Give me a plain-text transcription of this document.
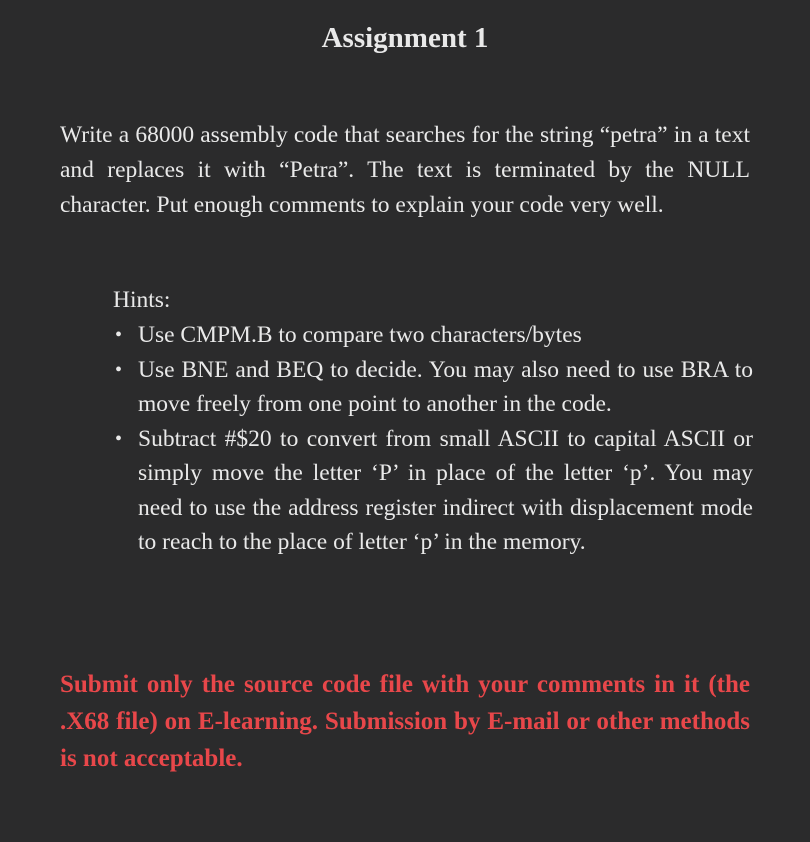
Assignment 1

Write a 68000 assembly code that searches for the string “petra” in a text and replaces it with “Petra”. The text is terminated by the NULL character. Put enough comments to explain your code very well.

Hints:
• Use CMPM.B to compare two characters/bytes
• Use BNE and BEQ to decide. You may also need to use BRA to move freely from one point to another in the code.
• Subtract #$20 to convert from small ASCII to capital ASCII or simply move the letter ‘P’ in place of the letter ‘p’. You may need to use the address register indirect with displacement mode to reach to the place of letter ‘p’ in the memory.

Submit only the source code file with your comments in it (the .X68 file) on E-learning. Submission by E-mail or other methods is not acceptable.
